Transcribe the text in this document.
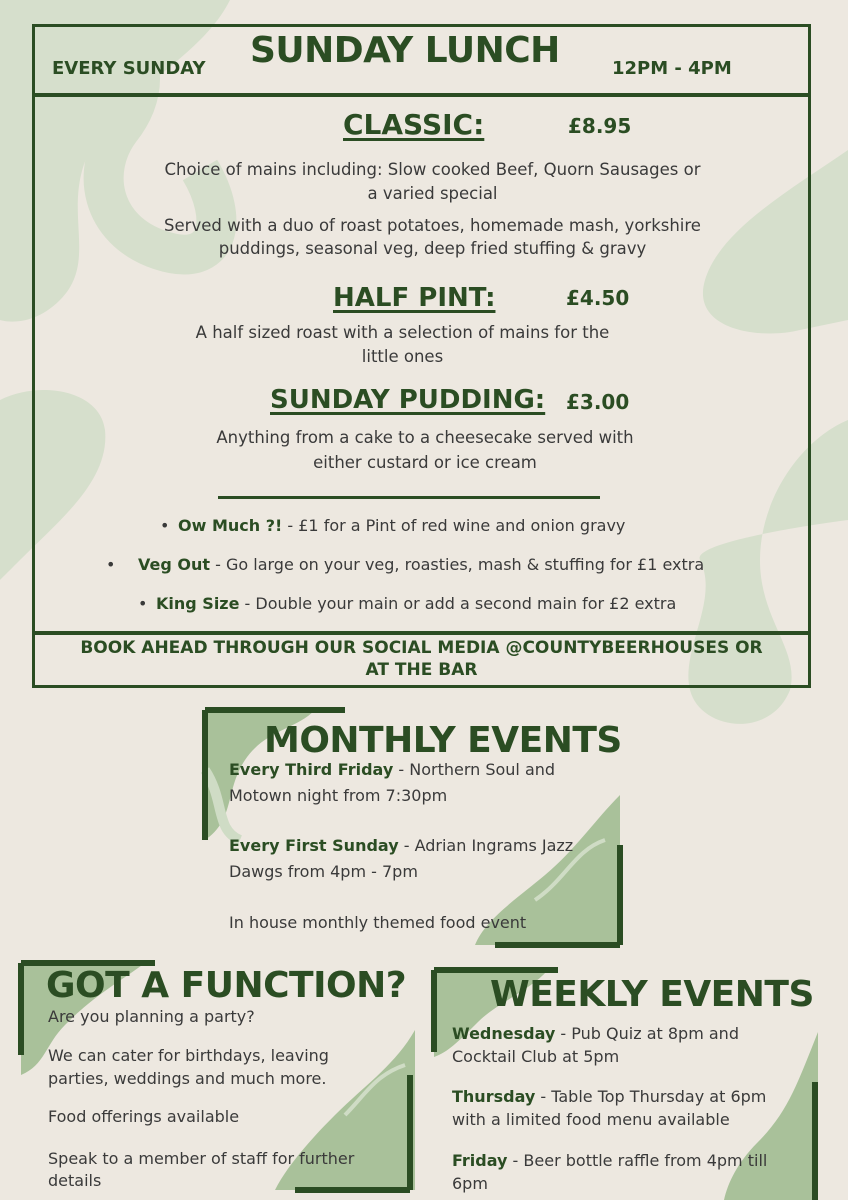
EVERY SUNDAY SUNDAY LUNCH	12PM - 4PM
CLASSIC:	£8.95
Choice of mains including: Slow cooked Beef, Quorn Sausages or
a varied special
Served with a duo of roast potatoes, homemade mash, yorkshire
puddings, seasonal veg, deep fried stuffing & gravy
HALF PINT:	£4.50
A half sized roast with a selection of mains for the
little ones
SUNDAY PUDDING: £3.00
Anything from a cake to a cheesecake served with
either custard or ice cream
• Ow Much ?! - £1 for a Pint of red wine and onion gravy
• Veg Out - Go large on your veg, roasties, mash & stuffing for £1 extra
• King Size - Double your main or add a second main for £2 extra
BOOK AHEAD THROUGH OUR SOCIAL MEDIA @COUNTYBEERHOUSES OR
AT THE BAR
MONTHLY EVENTS
Every Third Friday - Northern Soul and
Motown night from 7:30pm
Every First Sunday - Adrian Ingrams Jazz
Dawgs from 4pm - 7pm
In house monthly themed food event
GOT A FUNCTION?
Are you planning a party?
We can cater for birthdays, leaving
parties, weddings and much more.
Food offerings available
Speak to a member of staff for further
details
WEEKLY EVENTS
Wednesday - Pub Quiz at 8pm and
Cocktail Club at 5pm
Thursday - Table Top Thursday at 6pm
with a limited food menu available
Friday - Beer bottle raffle from 4pm till
6pm
